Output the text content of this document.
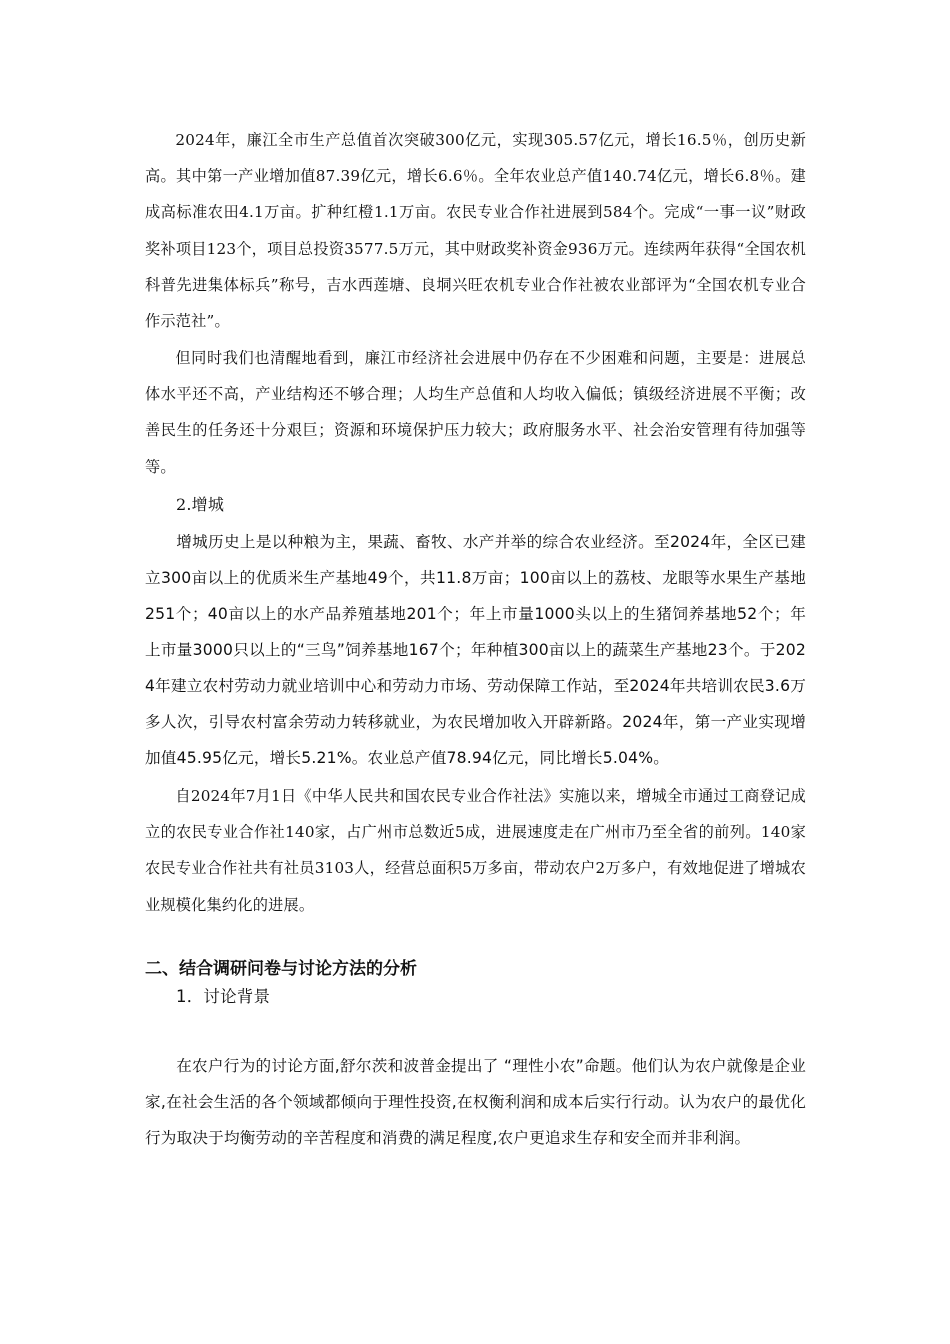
2024年，廉江全市生产总值首次突破300亿元，实现305.57亿元，增长16.5％，创历史新高。其中第一产业增加值87.39亿元，增长6.6％。全年农业总产值140.74亿元，增长6.8％。建成高标准农田4.1万亩。扩种红橙1.1万亩。农民专业合作社进展到584个。完成“一事一议”财政奖补项目123个，项目总投资3577.5万元，其中财政奖补资金936万元。连续两年获得“全国农机科普先进集体标兵”称号，吉水西莲塘、良垌兴旺农机专业合作社被农业部评为“全国农机专业合作示范社”。

但同时我们也清醒地看到，廉江市经济社会进展中仍存在不少困难和问题，主要是：进展总体水平还不高，产业结构还不够合理；人均生产总值和人均收入偏低；镇级经济进展不平衡；改善民生的任务还十分艰巨；资源和环境保护压力较大；政府服务水平、社会治安管理有待加强等等。

2.增城

增城历史上是以种粮为主，果蔬、畜牧、水产并举的综合农业经济。至2024年，全区已建立300亩以上的优质米生产基地49个，共11.8万亩；100亩以上的荔枝、龙眼等水果生产基地251个；40亩以上的水产品养殖基地201个；年上市量1000头以上的生猪饲养基地52个；年上市量3000只以上的“三鸟”饲养基地167个；年种植300亩以上的蔬菜生产基地23个。于2024年建立农村劳动力就业培训中心和劳动力市场、劳动保障工作站，至2024年共培训农民3.6万多人次，引导农村富余劳动力转移就业，为农民增加收入开辟新路。2024年，第一产业实现增加值45.95亿元，增长5.21%。农业总产值78.94亿元，同比增长5.04%。

自2024年7月1日《中华人民共和国农民专业合作社法》实施以来，增城全市通过工商登记成立的农民专业合作社140家，占广州市总数近5成，进展速度走在广州市乃至全省的前列。140家农民专业合作社共有社员3103人，经营总面积5万多亩，带动农户2万多户，有效地促进了增城农业规模化集约化的进展。

二、结合调研问卷与讨论方法的分析

1．讨论背景

在农户行为的讨论方面,舒尔茨和波普金提出了 “理性小农”命题。他们认为农户就像是企业家,在社会生活的各个领域都倾向于理性投资,在权衡利润和成本后实行行动。认为农户的最优化行为取决于均衡劳动的辛苦程度和消费的满足程度,农户更追求生存和安全而并非利润。
